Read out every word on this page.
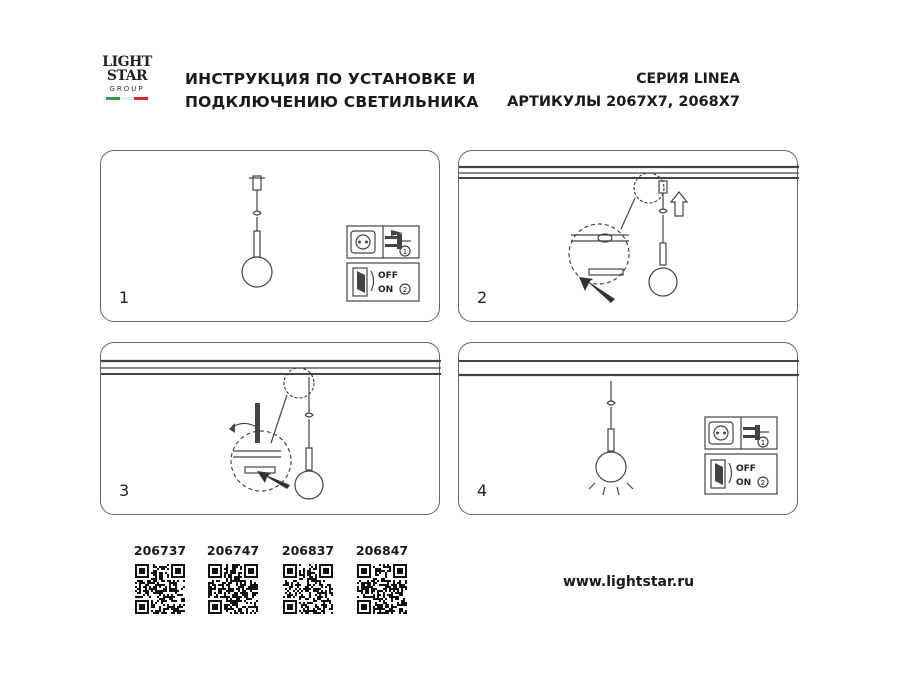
LIGHT
STAR
GROUP
ИНСТРУКЦИЯ ПО УСТАНОВКЕ И
ПОДКЛЮЧЕНИЮ СВЕТИЛЬНИКА
СЕРИЯ LINEA
АРТИКУЛЫ 2067X7, 2068X7
1
2
OFF
ON
1	2
3
1
2
OFF
ON
4
206737	206747	206837	206847
www.lightstar.ru
